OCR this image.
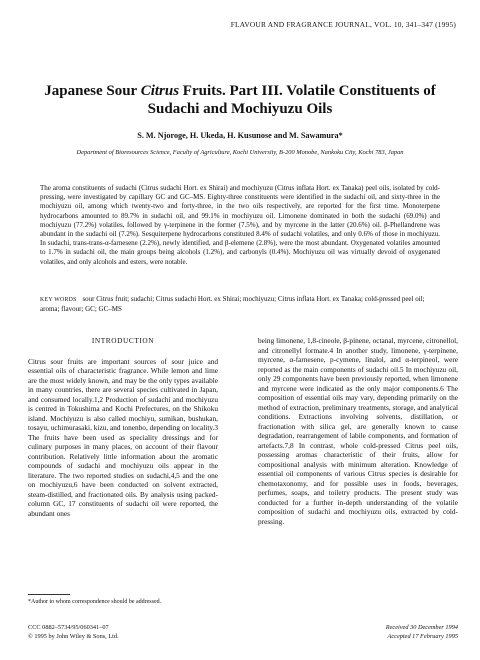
FLAVOUR AND FRAGRANCE JOURNAL, VOL. 10, 341–347 (1995)
Japanese Sour Citrus Fruits. Part III. Volatile Constituents of
Sudachi and Mochiyuzu Oils
S. M. Njoroge, H. Ukeda, H. Kusunose and M. Sawamura*
Department of Bioresources Science, Faculty of Agriculture, Kochi University, B-200 Monobe, Nankoku City, Kochi 783, Japan
The aroma constituents of sudachi (Citrus sudachi Hort. ex Shirai) and mochiyuzu (Citrus inflata Hort. ex Tanaka) peel oils, isolated by cold-pressing, were investigated by capillary GC and GC–MS. Eighty-three constituents were identified in the sudachi oil, and sixty-three in the mochiyuzu oil, among which twenty-two and forty-three, in the two oils respectively, are reported for the first time. Monoterpene hydrocarbons amounted to 89.7% in sudachi oil, and 99.1% in mochiyuzu oil. Limonene dominated in both the sudachi (69.0%) and mochiyuzu (77.2%) volatiles, followed by γ-terpinene in the former (7.5%), and by myrcene in the latter (20.6%) oil. β-Phellandrene was abundant in the sudachi oil (7.2%). Sesquiterpene hydrocarbons constituted 8.4% of sudachi volatiles, and only 0.6% of those in mochiyuzu. In sudachi, trans-trans-α-farnesene (2.2%), newly identified, and β-elemene (2.8%), were the most abundant. Oxygenated volatiles amounted to 1.7% in sudachi oil, the main groups being alcohols (1.2%), and carbonyls (0.4%). Mochiyuzu oil was virtually devoid of oxygenated volatiles, and only alcohols and esters, were notable.
KEY WORDS sour Citrus fruit; sudachi; Citrus sudachi Hort. ex Shirai; mochiyuzu; Citrus inflata Hort. ex Tanaka; cold-pressed peel oil; aroma; flavour; GC; GC–MS
INTRODUCTION

Citrus sour fruits are important sources of sour juice and essential oils of characteristic fragrance. While lemon and lime are the most widely known, and may be the only types available in many countries, there are several species cultivated in Japan, and consumed locally.1,2 Production of sudachi and mochiyuzu is centred in Tokushima and Kochi Prefectures, on the Shikoku island. Mochiyuzu is also called mochiyu, sumikan, bushukan, tosayu, uchimurasaki, kizu, and tonenbo, depending on locality.3 The fruits have been used as speciality dressings and for culinary purposes in many places, on account of their flavour contribution. Relatively little information about the aromatic compounds of sudachi and mochiyuzu oils appear in the literature. The two reported studies on sudachi,4,5 and the one on mochiyuzu,6 have been conducted on solvent extracted, steam-distilled, and fractionated oils. By analysis using packed-column GC, 17 constituents of sudachi oil were reported, the abundant ones

being limonene, 1,8-cineole, β-pinene, octanal, myrcene, citronellol, and citronellyl formate.4 In another study, limonene, γ-terpinene, myrcene, α-farnesene, p-cymene, linalol, and α-terpineol, were reported as the main components of sudachi oil.5 In mochiyuzu oil, only 29 components have been previously reported, when limonene and myrcene were indicated as the only major components.6 The composition of essential oils may vary, depending primarily on the method of extraction, preliminary treatments, storage, and analytical conditions. Extractions involving solvents, distillation, or fractionation with silica gel, are generally known to cause degradation, rearrangement of labile components, and formation of artefacts.7,8 In contrast, whole cold-pressed Citrus peel oils, possessing aromas characteristic of their fruits, allow for compositional analysis with minimum alteration. Knowledge of essential oil components of various Citrus species is desirable for chemotaxonomy, and for possible uses in foods, beverages, perfumes, soaps, and toiletry products. The present study was conducted for a further in-depth understanding of the volatile composition of sudachi and mochiyuzu oils, extracted by cold-pressing.

*Author to whom correspondence should be addressed.
CCC 0882–5734/95/060341–07
© 1995 by John Wiley & Sons, Ltd.
Received 30 December 1994
Accepted 17 February 1995
